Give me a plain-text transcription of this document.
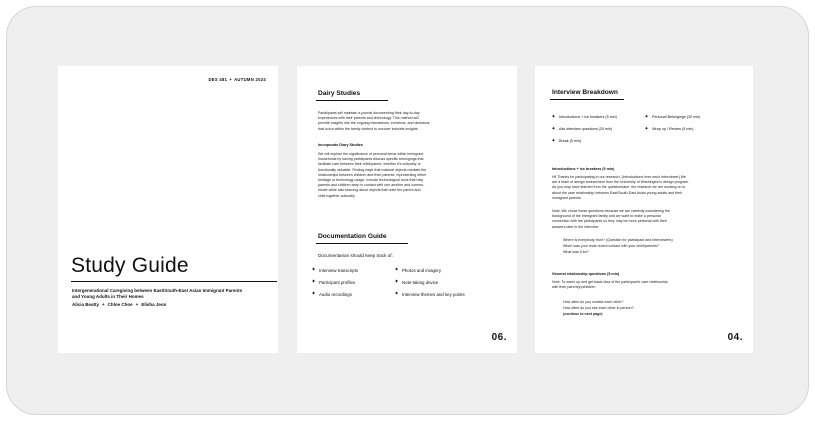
DES 481 + AUTUMN 2024
Study Guide
Intergenerational Caregiving between East/South-East Asian Immigrant Parents and Young Adults in Their Homes
Alicia Beatty + Chloe Choe + Elisha Jeon
Dairy Studies
Participants will maintain a journal documenting their day-to-day
experiences with their parents and technology. This method will
provide insights into the ongoing interactions, emotions, and decisions
that occur within the family context to uncover invisible insights
Incorporate Diary Studies
We will explore the significance of personal items within immigrant
households by having participants discuss specific belongings that
facilitate care between their child/parent, whether it's culturally or
functionally valuable. Finding ways that material objects mediate the
relationships between children and their parents, representing either
heritage or technology usage. Include technological tools that help
parents and children keep in contact with one another and commu-
nicate while also learning about objects that unite the parent and
child together culturally
Documentation Guide
Documentarian should keep track of:
✦ Interview transcripts
✦ Participant profiles
✦ Audio recordings
✦ Photos and imagery
✦ Note-taking device
✦ Interview themes and key points
06.
Interview Breakdown
✦ Introductions + ice breakers (5 min)
✦ Ask interview questions (20 min)
✦ Break (5 min)
✦ Personal Belongings (20 min)
✦ Wrap up / Review (5 min)
Introductions + ice breakers (5 min)
Hi! Thanks for participating in our research. [Introductions from each interviewer] We
are a team of design researchers from the University of Washington's design program.
As you may have learned from the questionnaire, the research we are working on is
about the care relationship between East/South-East Asian young adults and their
immigrant parents.
Note: We chose these questions because we are carefully considering the
background of the immigrant family and we want to make a personal
connection with the participants so they may be more personal with their
answers later in the interview
Where is everybody from? (Question for participant and interviewers)
When was your most recent contact with your child/parents?
What was it for?
General relationship questions (5 min)
Note: To warm up and get basic idea of the participant's care relationship
with their parent(s)/children
How often do you contact each other?
How often do you see each other in person?
(continue to next page)
04.
